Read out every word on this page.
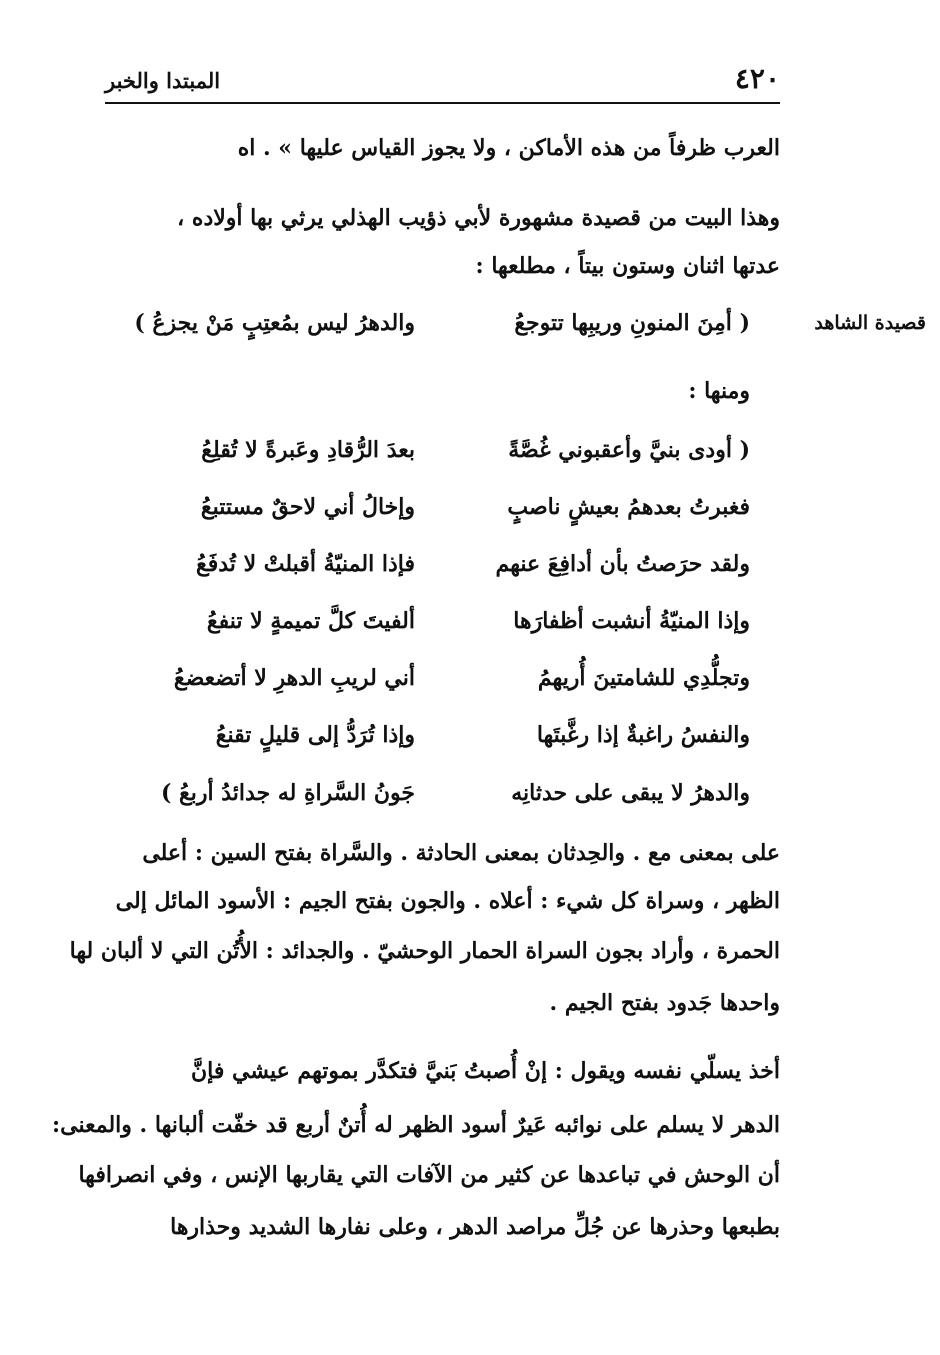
٤٢٠
المبتدا والخبر
العرب ظرفاً من هذه الأماكن ، ولا يجوز القياس عليها » . اه
وهذا البيت من قصيدة مشهورة لأبي ذؤيب الهذلي يرثي بها أولاده ،
عدتها اثنان وستون بيتاً ، مطلعها :
قصيدة الشاهد
( أمِنَ المنونِ وريبِها تتوجعُ
والدهرُ ليس بمُعتِبٍ مَنْ يجزعُ )
ومنها :
( أودى بنيَّ وأعقبوني غُصَّةً
بعدَ الرُّقادِ وعَبرةً لا تُقلِعُ
فغبرتُ بعدهمُ بعيشٍ ناصبٍ
وإخالُ أني لاحقٌ مستتبعُ
ولقد حرَصتُ بأن أدافِعَ عنهم
فإذا المنيّةُ أقبلتْ لا تُدفَعُ
وإذا المنيّةُ أنشبت أظفارَها
ألفيتَ كلَّ تميمةٍ لا تنفعُ
وتجلُّدِي للشامتينَ أُريهمُ
أني لريبِ الدهرِ لا أتضعضعُ
والنفسُ راغبةٌ إذا رغَّبتَها
وإذا تُرَدُّ إلى قليلٍ تقنعُ
والدهرُ لا يبقى على حدثانِه
جَونُ السَّراةِ له جدائدُ أربعُ )
على بمعنى مع . والحِدثان بمعنى الحادثة . والسَّراة بفتح السين : أعلى
الظهر ، وسراة كل شيء : أعلاه . والجون بفتح الجيم : الأسود المائل إلى
الحمرة ، وأراد بجون السراة الحمار الوحشيّ . والجدائد : الأُتُن التي لا ألبان لها
واحدها جَدود بفتح الجيم .
أخذ يسلّي نفسه ويقول : إنْ أُصبتُ بَنيَّ فتكدَّر بموتهم عيشي فإنَّ
الدهر لا يسلم على نوائبه عَيرٌ أسود الظهر له أُتنٌ أربع قد خفّت ألبانها . والمعنى:
أن الوحش في تباعدها عن كثير من الآفات التي يقاربها الإنس ، وفي انصرافها
بطبعها وحذرها عن جُلِّ مراصد الدهر ، وعلى نفارها الشديد وحذارها
